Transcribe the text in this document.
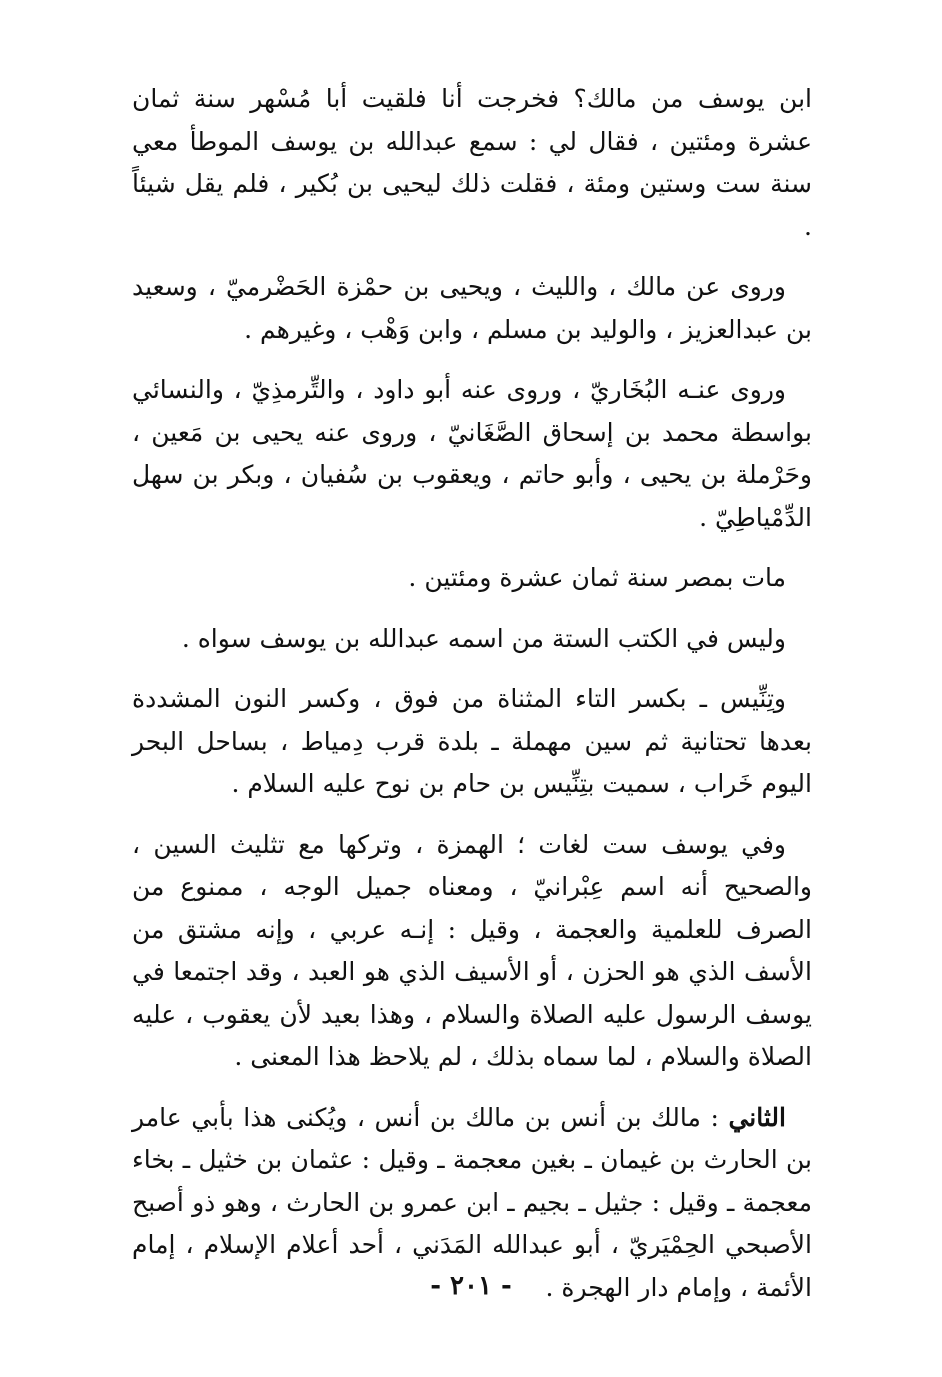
ابن يوسف من مالك؟ فخرجت أنا فلقيت أبا مُسْهر سنة ثمان عشرة ومئتين ، فقال لي : سمع عبدالله بن يوسف الموطأ معي سنة ست وستين ومئة ، فقلت ذلك ليحيى بن بُكير ، فلم يقل شيئاً .

وروى عن مالك ، والليث ، ويحيى بن حمْزة الحَضْرميّ ، وسعيد بن عبدالعزيز ، والوليد بن مسلم ، وابن وَهْب ، وغيرهم .

وروى عنـه البُخَاريّ ، وروى عنه أبو داود ، والتِّرمذِيّ ، والنسائي بواسطة محمد بن إسحاق الصَّغَانيّ ، وروى عنه يحيى بن مَعين ، وحَرْملة بن يحيى ، وأبو حاتم ، ويعقوب بن سُفيان ، وبكر بن سهل الدِّمْياطِيّ .

مات بمصر سنة ثمان عشرة ومئتين .

وليس في الكتب الستة من اسمه عبدالله بن يوسف سواه .

وتِنِّيس ـ بكسر التاء المثناة من فوق ، وكسر النون المشددة بعدها تحتانية ثم سين مهملة ـ بلدة قرب دِمياط ، بساحل البحر اليوم خَراب ، سميت بتِنِّيس بن حام بن نوح عليه السلام .

وفي يوسف ست لغات ؛ الهمزة ، وتركها مع تثليث السين ، والصحيح أنه اسم عِبْرانيّ ، ومعناه جميل الوجه ، ممنوع من الصرف للعلمية والعجمة ، وقيل : إنـه عربي ، وإنه مشتق من الأسف الذي هو الحزن ، أو الأسيف الذي هو العبد ، وقد اجتمعا في يوسف الرسول عليه الصلاة والسلام ، وهذا بعيد لأن يعقوب ، عليه الصلاة والسلام ، لما سماه بذلك ، لم يلاحظ هذا المعنى .

الثاني : مالك بن أنس بن مالك بن أنس ، ويُكنى هذا بأبي عامر بن الحارث بن غيمان ـ بغين معجمة ـ وقيل : عثمان بن خثيل ـ بخاء معجمة ـ وقيل : جثيل ـ بجيم ـ ابن عمرو بن الحارث ، وهو ذو أصبح الأصبحي الحِمْيَريّ ، أبو عبدالله المَدَني ، أحد أعلام الإسلام ، إمام الأئمة ، وإمام دار الهجرة .

- ٢٠١ -
